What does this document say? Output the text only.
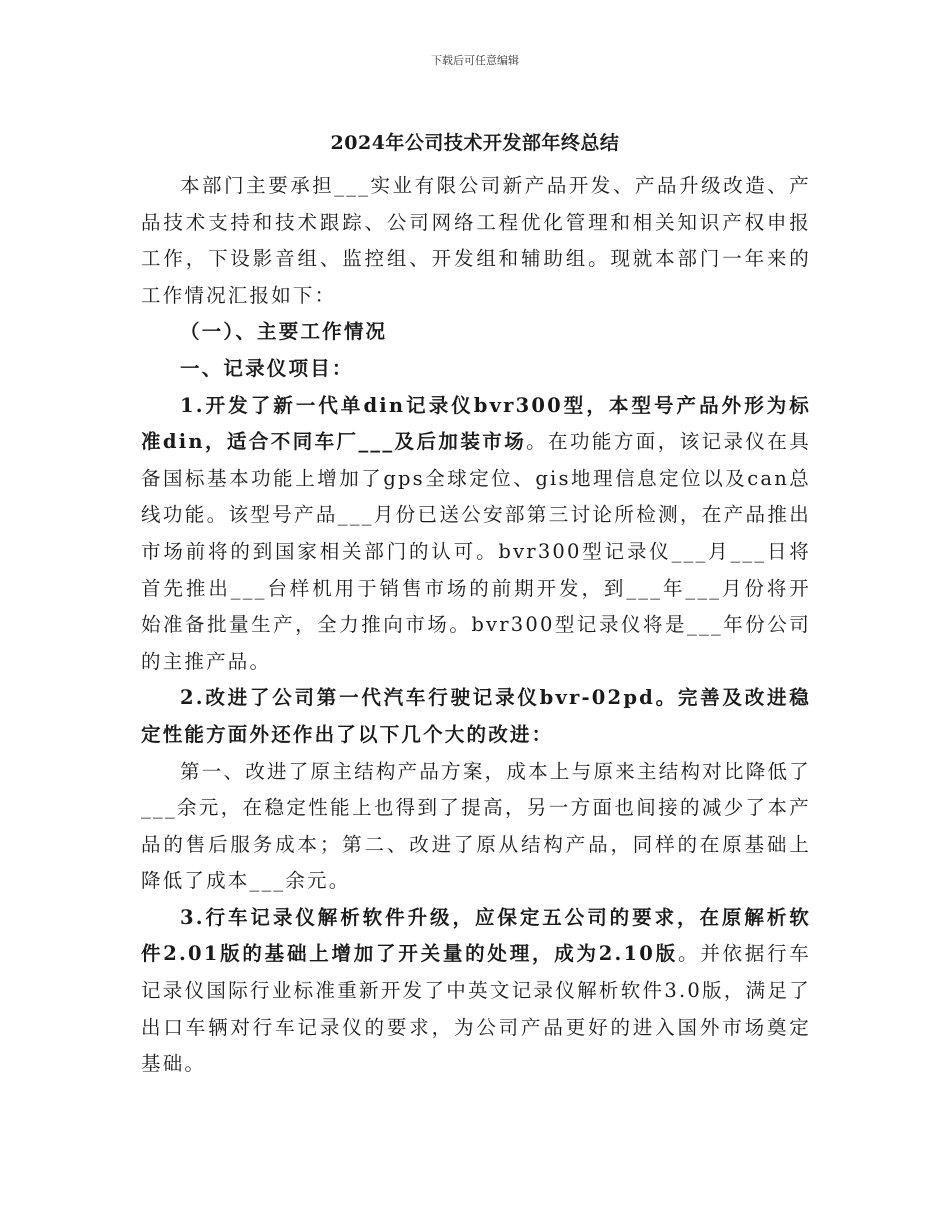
下载后可任意编辑
2024年公司技术开发部年终总结

本部门主要承担___实业有限公司新产品开发、产品升级改造、产品技术支持和技术跟踪、公司网络工程优化管理和相关知识产权申报工作，下设影音组、监控组、开发组和辅助组。现就本部门一年来的工作情况汇报如下：

（一）、主要工作情况

一、记录仪项目：

1.开发了新一代单din记录仪bvr300型，本型号产品外形为标准din，适合不同车厂___及后加装市场。在功能方面，该记录仪在具备国标基本功能上增加了gps全球定位、gis地理信息定位以及can总线功能。该型号产品___月份已送公安部第三讨论所检测，在产品推出市场前将的到国家相关部门的认可。bvr300型记录仪___月___日将首先推出___台样机用于销售市场的前期开发，到___年___月份将开始准备批量生产，全力推向市场。bvr300型记录仪将是___年份公司的主推产品。

2.改进了公司第一代汽车行驶记录仪bvr-02pd。完善及改进稳定性能方面外还作出了以下几个大的改进：

第一、改进了原主结构产品方案，成本上与原来主结构对比降低了___余元，在稳定性能上也得到了提高，另一方面也间接的减少了本产品的售后服务成本；第二、改进了原从结构产品，同样的在原基础上降低了成本___余元。

3.行车记录仪解析软件升级，应保定五公司的要求，在原解析软件2.01版的基础上增加了开关量的处理，成为2.10版。并依据行车记录仪国际行业标准重新开发了中英文记录仪解析软件3.0版，满足了出口车辆对行车记录仪的要求，为公司产品更好的进入国外市场奠定基础。
